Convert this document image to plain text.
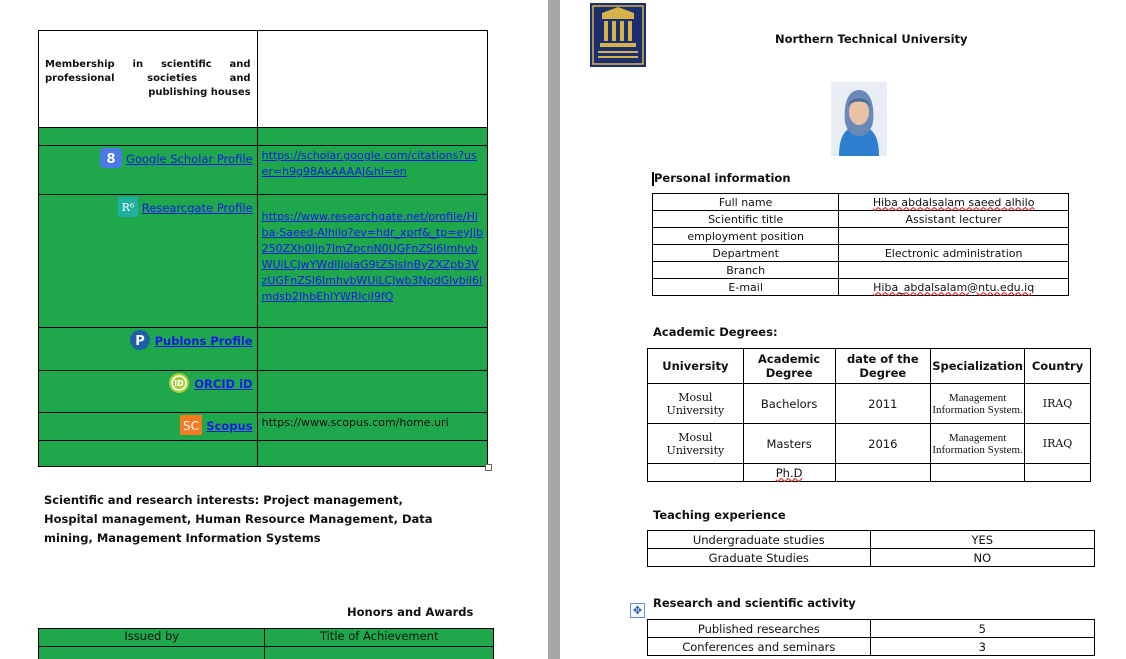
Membership in scientific and professional societies and publishing houses	

8 Google Scholar Profile	https://scholar.google.com/citations?user=h9g98AkAAAAJ&hl=en

R⁶ Researcgate Profile	https://www.researchgate.net/profile/Hiba-Saeed-Alhilo?ev=hdr_xprf&_tp=eyJjb250ZXh0Ijp7ImZpcnN0UGFnZSI6ImhvbWUiLCJwYWdlIjoiaG9tZSIsInByZXZpb3VzUGFnZSI6ImhvbWUiLCJwb3NpdGlvbiI6Imdsb2JhbEhlYWRlciJ9fQ

P Publons Profile	

iD ORCID iD	

SC Scopus	https://www.scopus.com/home.uri

Scientific and research interests: Project management, Hospital management, Human Resource Management, Data mining, Management Information Systems
Honors and Awards
Issued by	Title of Achievement

Northern Technical University
Personal information
Full name	Hiba abdalsalam saeed alhilo
Scientific title	Assistant lecturer
employment position	
Department	Electronic administration
Branch	
E-mail	Hiba_abdalsalam@ntu.edu.iq
Academic Degrees:
University	Academic Degree	date of the Degree	Specialization	Country
Mosul University	Bachelors	2011	Management Information System.	IRAQ
Mosul University	Masters	2016	Management Information System.	IRAQ
	Ph.D			
Teaching experience
Undergraduate studies	YES
Graduate Studies	NO
✥
Research and scientific activity
Published researches	5
Conferences and seminars	3
